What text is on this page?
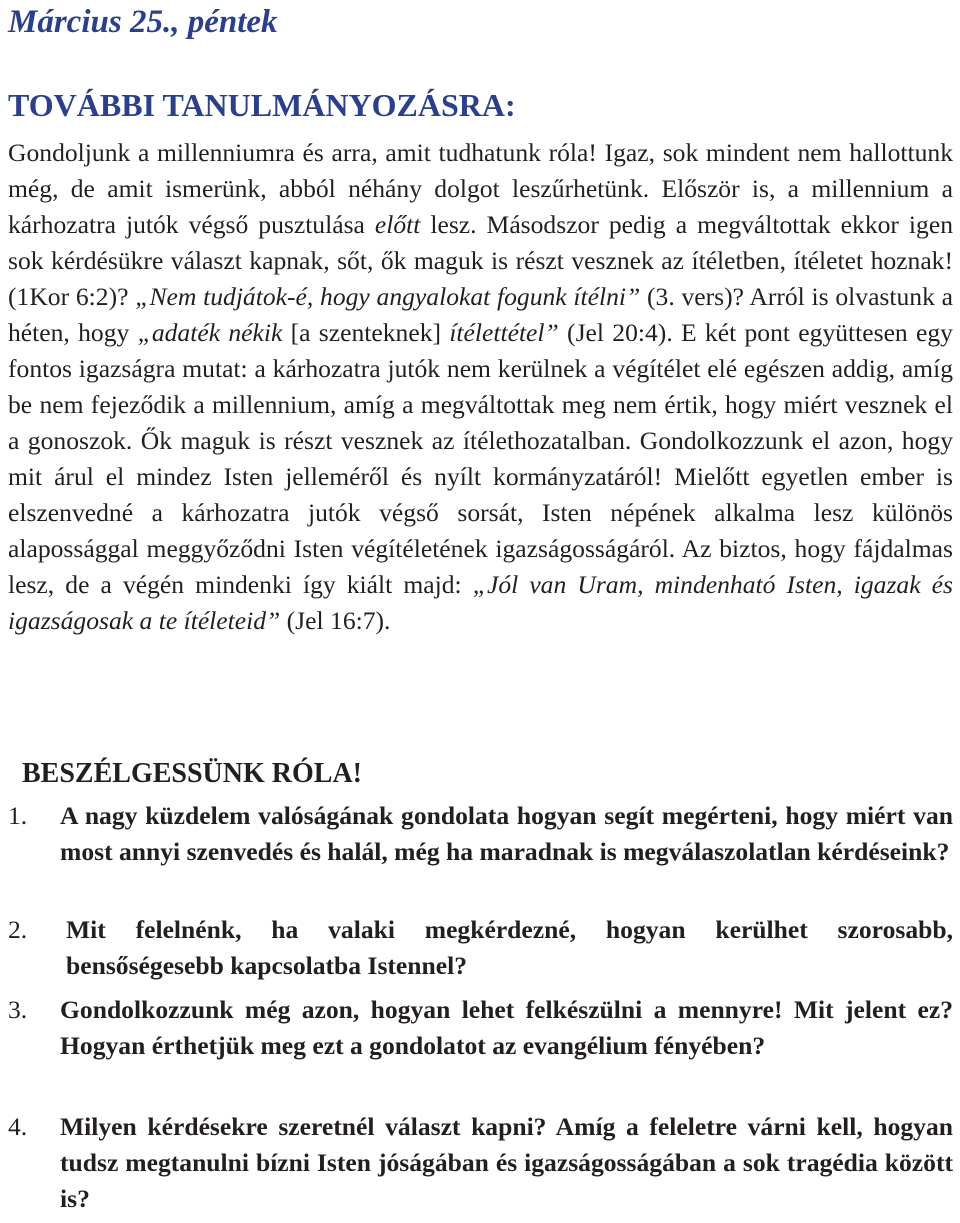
Március 25., péntek
TOVÁBBI TANULMÁNYOZÁSRA:

Gondoljunk a millenniumra és arra, amit tudhatunk róla! Igaz, sok mindent nem hallottunk még, de amit ismerünk, abból néhány dolgot leszűrhetünk. Először is, a millennium a kárhozatra jutók végső pusztulása előtt lesz. Másodszor pedig a megváltottak ekkor igen sok kérdésükre választ kapnak, sőt, ők maguk is részt vesznek az ítéletben, ítéletet hoznak! (1Kor 6:2)? „Nem tudjátok-é, hogy angyalokat fogunk ítélni” (3. vers)? Arról is olvastunk a héten, hogy „adaték nékik [a szenteknek] ítélettétel” (Jel 20:4). E két pont együttesen egy fontos igazságra mutat: a kárhozatra jutók nem kerülnek a végítélet elé egészen addig, amíg be nem fejeződik a millennium, amíg a megváltottak meg nem értik, hogy miért vesznek el a gonoszok. Ők maguk is részt vesznek az ítélethozatalban. Gondolkozzunk el azon, hogy mit árul el mindez Isten jelleméről és nyílt kormányzatáról! Mielőtt egyetlen ember is elszenvedné a kárhozatra jutók végső sorsát, Isten népének alkalma lesz különös alapossággal meggyőződni Isten végítéletének igazságosságáról. Az biztos, hogy fájdalmas lesz, de a végén mindenki így kiált majd: „Jól van Uram, mindenható Isten, igazak és igazságosak a te ítéleteid” (Jel 16:7).

BESZÉLGESSÜNK RÓLA!
1. A nagy küzdelem valóságának gondolata hogyan segít megérteni, hogy miért van most annyi szenvedés és halál, még ha maradnak is megválaszolatlan kérdéseink?
2. Mit felelnénk, ha valaki megkérdezné, hogyan kerülhet szorosabb, bensőségesebb kapcsolatba Istennel?
3. Gondolkozzunk még azon, hogyan lehet felkészülni a mennyre! Mit jelent ez? Hogyan érthetjük meg ezt a gondolatot az evangélium fényében?
4. Milyen kérdésekre szeretnél választ kapni? Amíg a feleletre várni kell, hogyan tudsz megtanulni bízni Isten jóságában és igazságosságában a sok tragédia között is?
